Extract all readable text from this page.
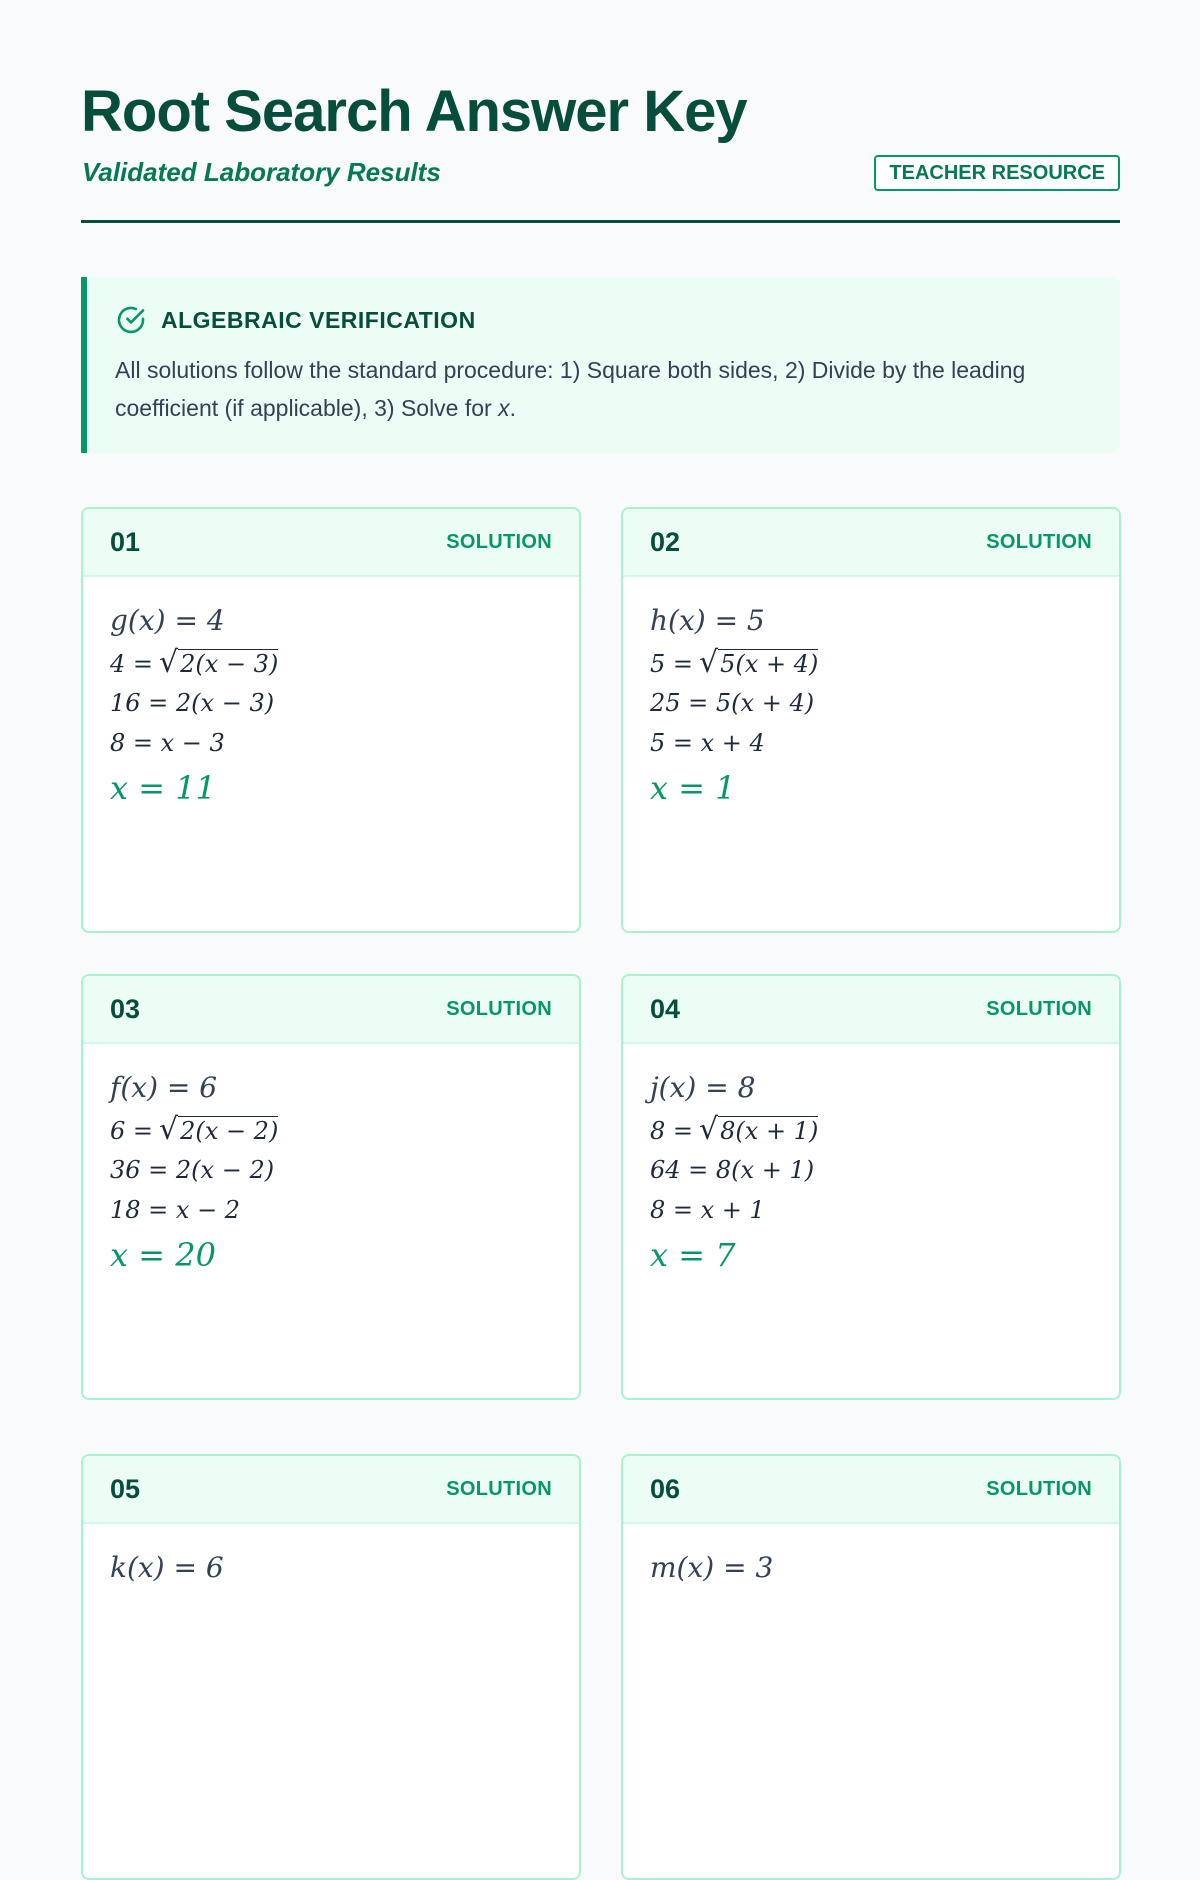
Root Search Answer Key
Validated Laboratory Results	TEACHER RESOURCE
ALGEBRAIC VERIFICATION
All solutions follow the standard procedure: 1) Square both sides, 2) Divide by the leading coefficient (if applicable), 3) Solve for x.
01	SOLUTION
g(x) = 4
4 = √2(x − 3)
16 = 2(x − 3)
8 = x − 3
x = 11
02	SOLUTION
h(x) = 5
5 = √5(x + 4)
25 = 5(x + 4)
5 = x + 4
x = 1
03	SOLUTION
f(x) = 6
6 = √2(x − 2)
36 = 2(x − 2)
18 = x − 2
x = 20
04	SOLUTION
j(x) = 8
8 = √8(x + 1)
64 = 8(x + 1)
8 = x + 1
x = 7
05	SOLUTION
k(x) = 6
06	SOLUTION
m(x) = 3
